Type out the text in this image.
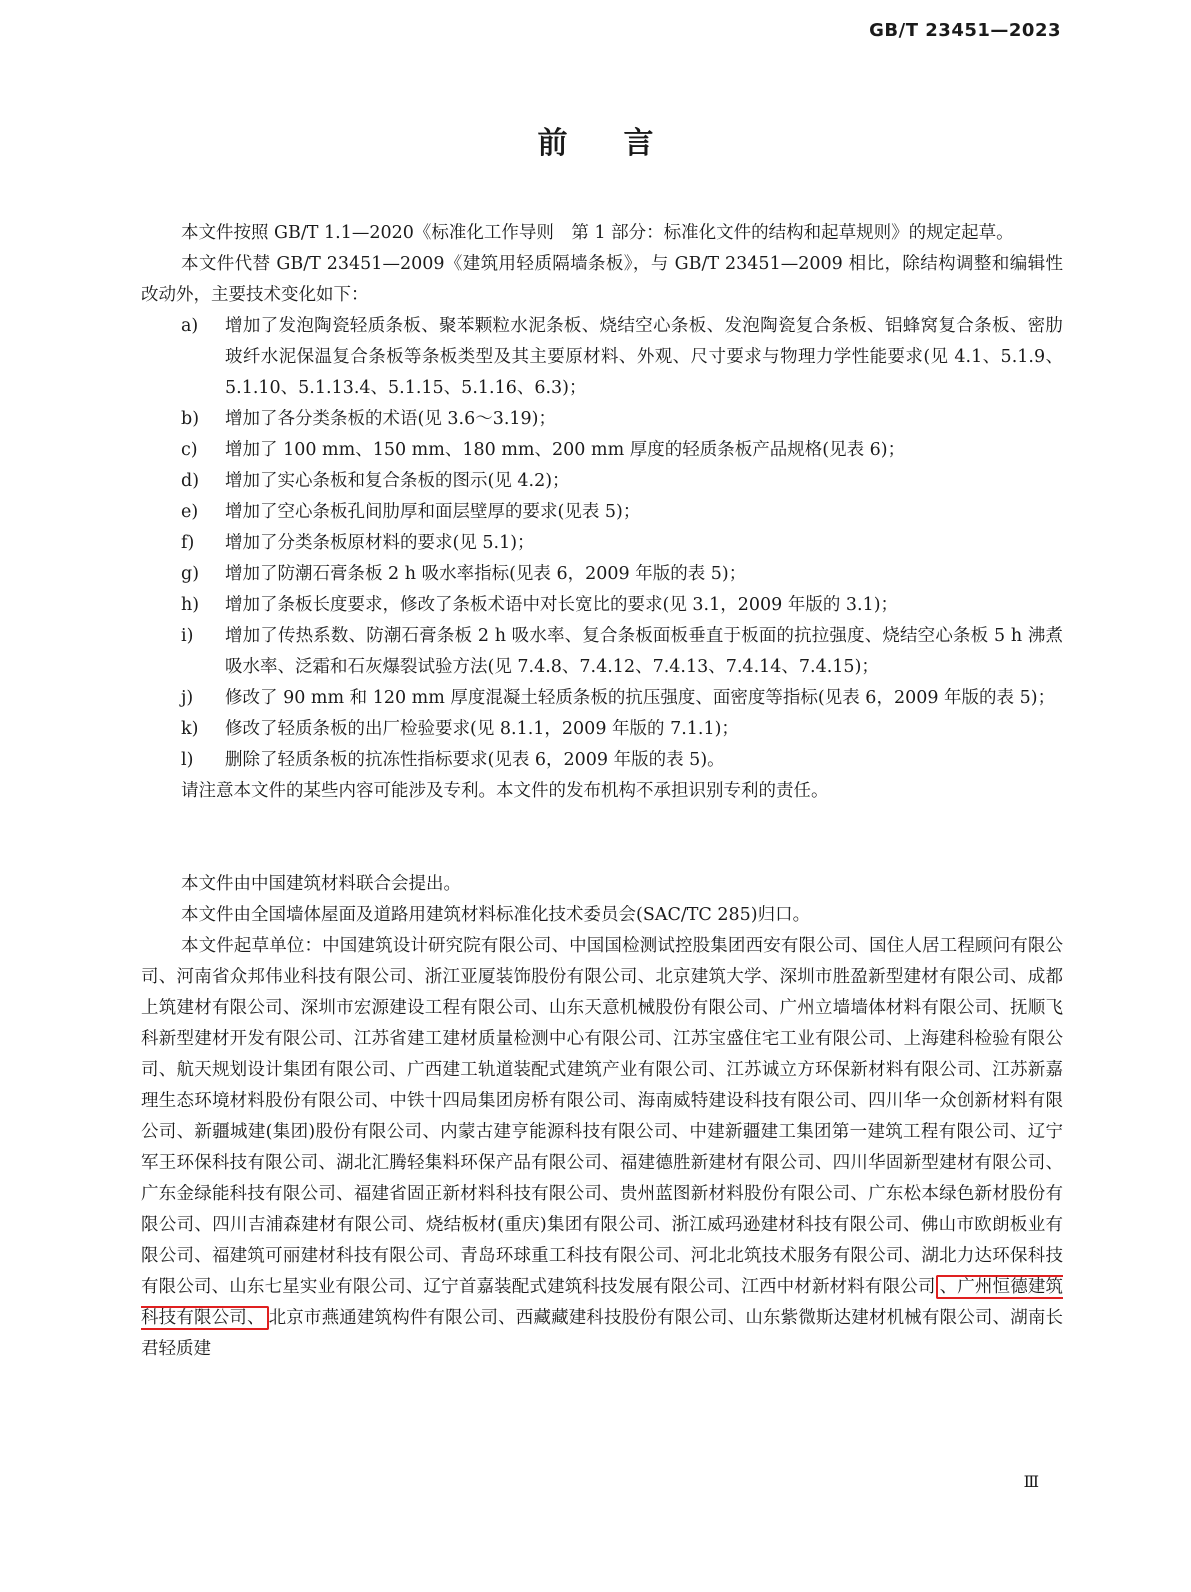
GB/T 23451—2023
前言

本文件按照 GB/T 1.1—2020《标准化工作导则　第 1 部分：标准化文件的结构和起草规则》的规定起草。

本文件代替 GB/T 23451—2009《建筑用轻质隔墙条板》，与 GB/T 23451—2009 相比，除结构调整和编辑性改动外，主要技术变化如下：

a)	增加了发泡陶瓷轻质条板、聚苯颗粒水泥条板、烧结空心条板、发泡陶瓷复合条板、铝蜂窝复合条板、密肋玻纤水泥保温复合条板等条板类型及其主要原材料、外观、尺寸要求与物理力学性能要求(见 4.1、5.1.9、5.1.10、5.1.13.4、5.1.15、5.1.16、6.3)；
b)	增加了各分类条板的术语(见 3.6～3.19)；
c)	增加了 100 mm、150 mm、180 mm、200 mm 厚度的轻质条板产品规格(见表 6)；
d)	增加了实心条板和复合条板的图示(见 4.2)；
e)	增加了空心条板孔间肋厚和面层壁厚的要求(见表 5)；
f)	增加了分类条板原材料的要求(见 5.1)；
g)	增加了防潮石膏条板 2 h 吸水率指标(见表 6，2009 年版的表 5)；
h)	增加了条板长度要求，修改了条板术语中对长宽比的要求(见 3.1，2009 年版的 3.1)；
i)	增加了传热系数、防潮石膏条板 2 h 吸水率、复合条板面板垂直于板面的抗拉强度、烧结空心条板 5 h 沸煮吸水率、泛霜和石灰爆裂试验方法(见 7.4.8、7.4.12、7.4.13、7.4.14、7.4.15)；
j)	修改了 90 mm 和 120 mm 厚度混凝土轻质条板的抗压强度、面密度等指标(见表 6，2009 年版的表 5)；
k)	修改了轻质条板的出厂检验要求(见 8.1.1，2009 年版的 7.1.1)；
l)	删除了轻质条板的抗冻性指标要求(见表 6，2009 年版的表 5)。

请注意本文件的某些内容可能涉及专利。本文件的发布机构不承担识别专利的责任。

本文件由中国建筑材料联合会提出。

本文件由全国墙体屋面及道路用建筑材料标准化技术委员会(SAC/TC 285)归口。

本文件起草单位：中国建筑设计研究院有限公司、中国国检测试控股集团西安有限公司、国住人居工程顾问有限公司、河南省众邦伟业科技有限公司、浙江亚厦装饰股份有限公司、北京建筑大学、深圳市胜盈新型建材有限公司、成都上筑建材有限公司、深圳市宏源建设工程有限公司、山东天意机械股份有限公司、广州立墙墙体材料有限公司、抚顺飞科新型建材开发有限公司、江苏省建工建材质量检测中心有限公司、江苏宝盛住宅工业有限公司、上海建科检验有限公司、航天规划设计集团有限公司、广西建工轨道装配式建筑产业有限公司、江苏诚立方环保新材料有限公司、江苏新嘉理生态环境材料股份有限公司、中铁十四局集团房桥有限公司、海南威特建设科技有限公司、四川华一众创新材料有限公司、新疆城建(集团)股份有限公司、内蒙古建亨能源科技有限公司、中建新疆建工集团第一建筑工程有限公司、辽宁军王环保科技有限公司、湖北汇腾轻集料环保产品有限公司、福建德胜新建材有限公司、四川华固新型建材有限公司、广东金绿能科技有限公司、福建省固正新材料科技有限公司、贵州蓝图新材料股份有限公司、广东松本绿色新材股份有限公司、四川吉浦森建材有限公司、烧结板材(重庆)集团有限公司、浙江威玛逊建材科技有限公司、佛山市欧朗板业有限公司、福建筑可丽建材科技有限公司、青岛环球重工科技有限公司、河北北筑技术服务有限公司、湖北力达环保科技有限公司、山东七星实业有限公司、辽宁首嘉装配式建筑科技发展有限公司、江西中材新材料有限公司 、广州恒德建筑科技有限公司、 北京市燕通建筑构件有限公司、西藏藏建科技股份有限公司、山东紫微斯达建材机械有限公司、湖南长君轻质建

Ⅲ
